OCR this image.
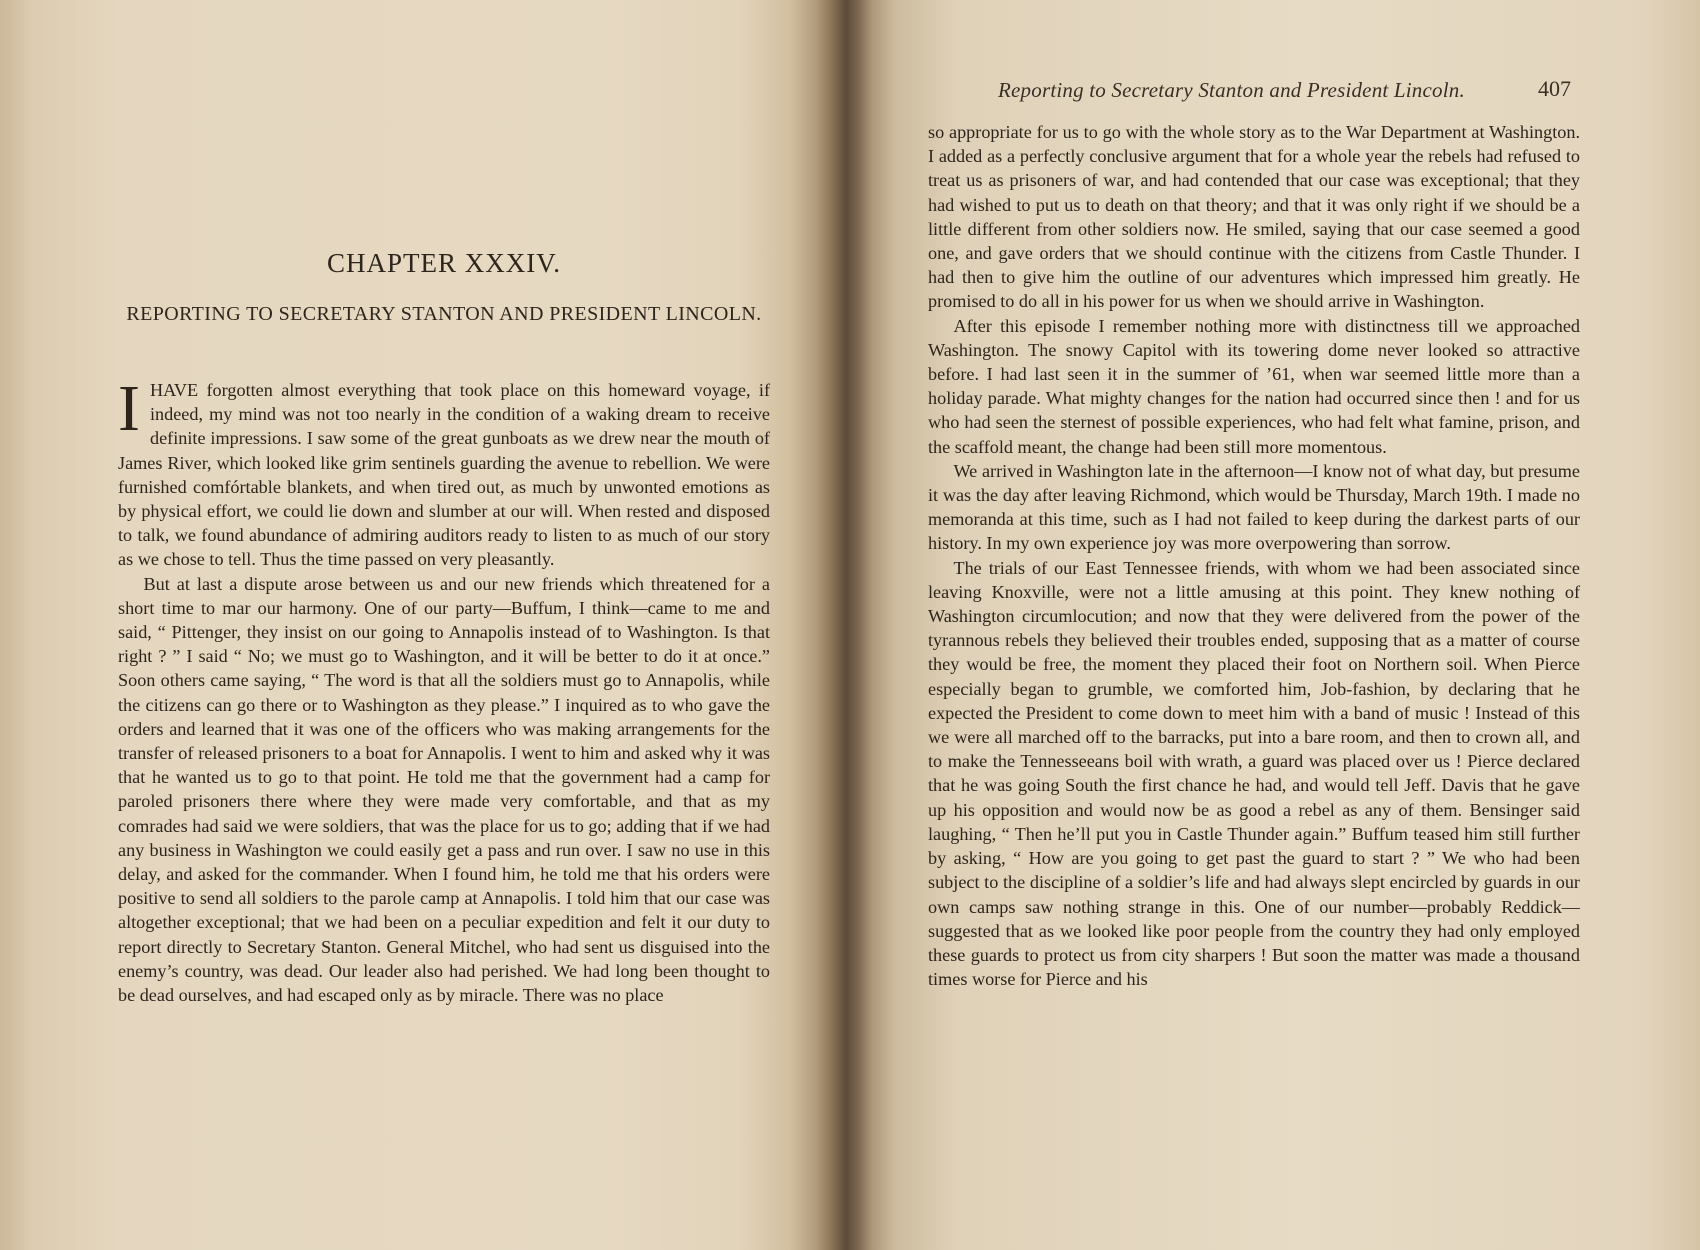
CHAPTER XXXIV.
REPORTING TO SECRETARY STANTON AND PRESIDENT LINCOLN.

IHAVE forgotten almost everything that took place on this homeward voyage, if indeed, my mind was not too nearly in the condition of a waking dream to receive definite impressions. I saw some of the great gunboats as we drew near the mouth of James River, which looked like grim sentinels guarding the avenue to rebellion. We were furnished comfórtable blankets, and when tired out, as much by unwonted emotions as by physical effort, we could lie down and slumber at our will. When rested and disposed to talk, we found abundance of admiring auditors ready to listen to as much of our story as we chose to tell. Thus the time passed on very pleasantly.

But at last a dispute arose between us and our new friends which threatened for a short time to mar our harmony. One of our party—Buffum, I think—came to me and said, “ Pittenger, they insist on our going to Annapolis instead of to Washington. Is that right ? ” I said “ No; we must go to Washington, and it will be better to do it at once.” Soon others came saying, “ The word is that all the soldiers must go to Annapolis, while the citizens can go there or to Washington as they please.” I inquired as to who gave the orders and learned that it was one of the officers who was making arrangements for the transfer of released prisoners to a boat for Annapolis. I went to him and asked why it was that he wanted us to go to that point. He told me that the government had a camp for paroled prisoners there where they were made very comfortable, and that as my comrades had said we were soldiers, that was the place for us to go; adding that if we had any business in Washington we could easily get a pass and run over. I saw no use in this delay, and asked for the commander. When I found him, he told me that his orders were positive to send all soldiers to the parole camp at Annapolis. I told him that our case was altogether exceptional; that we had been on a peculiar expedition and felt it our duty to report directly to Secretary Stanton. General Mitchel, who had sent us disguised into the enemy’s country, was dead. Our leader also had perished. We had long been thought to be dead ourselves, and had escaped only as by miracle. There was no place

Reporting to Secretary Stanton and President Lincoln.	407

so appropriate for us to go with the whole story as to the War Department at Washington. I added as a perfectly conclusive argument that for a whole year the rebels had refused to treat us as prisoners of war, and had contended that our case was exceptional; that they had wished to put us to death on that theory; and that it was only right if we should be a little different from other soldiers now. He smiled, saying that our case seemed a good one, and gave orders that we should continue with the citizens from Castle Thunder. I had then to give him the outline of our adventures which impressed him greatly. He promised to do all in his power for us when we should arrive in Washington.

After this episode I remember nothing more with distinctness till we approached Washington. The snowy Capitol with its towering dome never looked so attractive before. I had last seen it in the summer of ’61, when war seemed little more than a holiday parade. What mighty changes for the nation had occurred since then ! and for us who had seen the sternest of possible experiences, who had felt what famine, prison, and the scaffold meant, the change had been still more momentous.

We arrived in Washington late in the afternoon—I know not of what day, but presume it was the day after leaving Richmond, which would be Thursday, March 19th. I made no memoranda at this time, such as I had not failed to keep during the darkest parts of our history. In my own experience joy was more overpowering than sorrow.

The trials of our East Tennessee friends, with whom we had been associated since leaving Knoxville, were not a little amusing at this point. They knew nothing of Washington circumlocution; and now that they were delivered from the power of the tyrannous rebels they believed their troubles ended, supposing that as a matter of course they would be free, the moment they placed their foot on Northern soil. When Pierce especially began to grumble, we comforted him, Job-fashion, by declaring that he expected the President to come down to meet him with a band of music ! Instead of this we were all marched off to the barracks, put into a bare room, and then to crown all, and to make the Tennesseeans boil with wrath, a guard was placed over us ! Pierce declared that he was going South the first chance he had, and would tell Jeff. Davis that he gave up his opposition and would now be as good a rebel as any of them. Bensinger said laughing, “ Then he’ll put you in Castle Thunder again.” Buffum teased him still further by asking, “ How are you going to get past the guard to start ? ” We who had been subject to the discipline of a soldier’s life and had always slept encircled by guards in our own camps saw nothing strange in this. One of our number—probably Reddick—suggested that as we looked like poor people from the country they had only employed these guards to protect us from city sharpers ! But soon the matter was made a thousand times worse for Pierce and his
